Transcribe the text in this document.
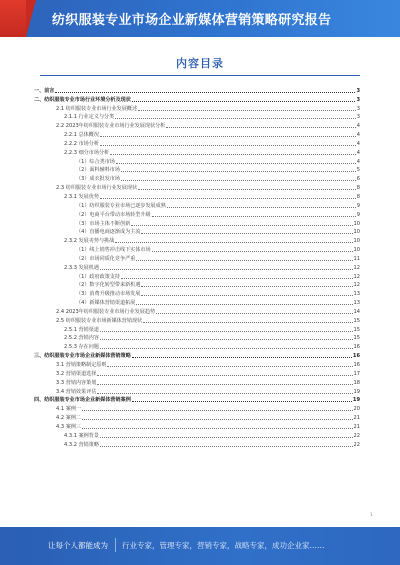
纺织服装专业市场企业新媒体营销策略研究报告
内容目录
一、前言	3
二、纺织服装专业市场行业环境分析及现状	3
2.1 纺织服装专业市场行业发展概述	3
2.1.1 行业定义与分类	3
2.2 2023年纺织服装专业市场行业发展现状分析	4
2.2.1 总体概况	4
2.2.2 市场分析	4
2.2.3 细分市场分析	4
（1）综合类市场	4
（2）面料辅料市场	5
（3）成衣批发市场	6
2.3 纺织服装专业市场行业发展现状	8
2.3.1 发展优势	8
（1）纺织服装专业市场已逐步发展成熟	9
（2）电商平台带动市场转型升级	9
（3）市场主体不断创新	10
（4）直播电商逐渐成为主流	10
2.3.2 发展劣势与挑战	10
（1）线上销售冲击线下实体市场	10
（2）市场同质化竞争严重	11
2.3.3 发展机遇	12
（1）政府政策支持	12
（2）数字化转型带来新机遇	12
（3）消费升级推动市场发展	13
（4）新媒体营销渠道拓展	13
2.4 2023年纺织服装专业市场行业发展趋势	14
2.5 纺织服装专业市场新媒体营销现状	15
2.5.1 营销渠道	15
2.5.2 营销内容	15
2.5.3 存在问题	16
三、纺织服装专业市场企业新媒体营销策略	16
3.1 营销策略制定原则	16
3.2 营销渠道选择	17
3.3 营销内容策划	18
3.4 营销效果评估	19
四、纺织服装专业市场企业新媒体营销案例	19
4.1 案例一	20
4.2 案例二	21
4.3 案例三	21
4.3.1 案例背景	22
4.3.2 营销策略	22
1
让每个人都能成为 行业专家，管理专家，营销专家，战略专家，成功企业家……
